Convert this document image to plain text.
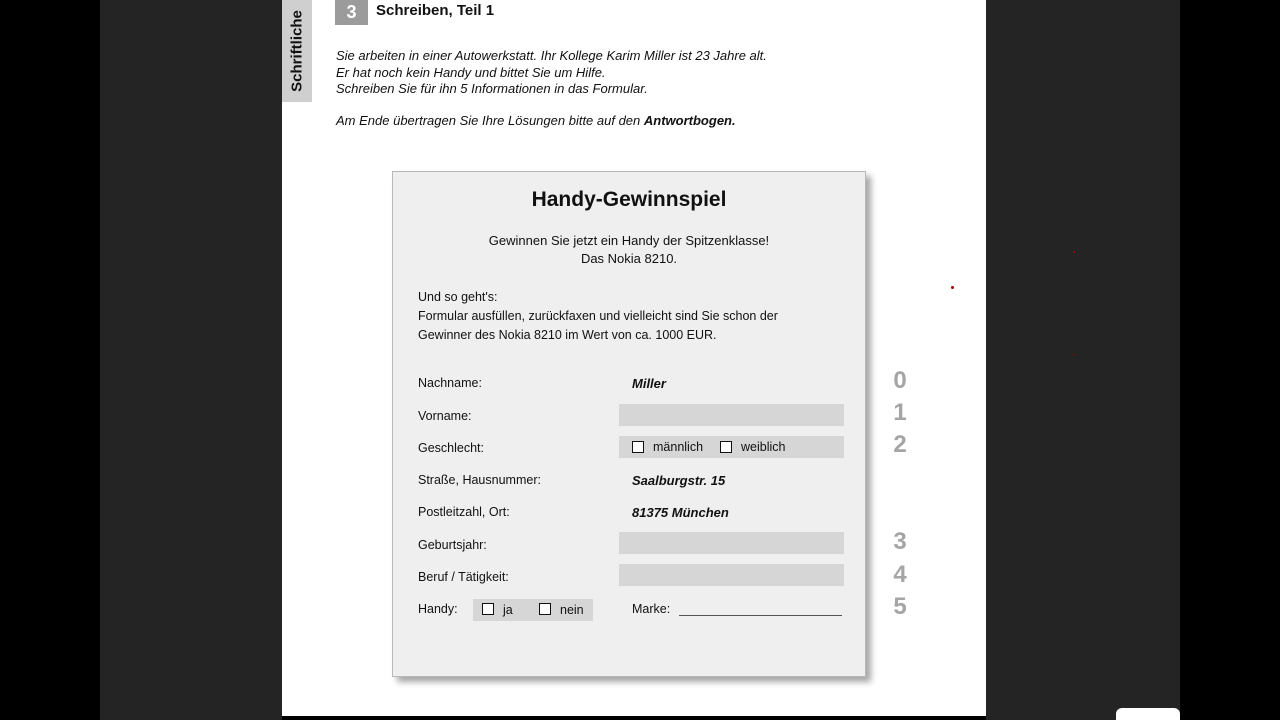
Schriftliche	3	Schreiben, Teil 1

Sie arbeiten in einer Autowerkstatt. Ihr Kollege Karim Miller ist 23 Jahre alt.

Er hat noch kein Handy und bittet Sie um Hilfe.

Schreiben Sie für ihn 5 Informationen in das Formular.

Am Ende übertragen Sie Ihre Lösungen bitte auf den Antwortbogen.
Handy-Gewinnspiel
Gewinnen Sie jetzt ein Handy der Spitzenklasse!
Das Nokia 8210.
Und so geht's:
Formular ausfüllen, zurückfaxen und vielleicht sind Sie schon der
Gewinner des Nokia 8210 im Wert von ca. 1000 EUR.
Nachname:	Miller
Vorname:
Geschlecht:	männlich	weiblich
Straße, Hausnummer:	Saalburgstr. 15
Postleitzahl, Ort:	81375 München
Geburtsjahr:
Beruf / Tätigkeit:
Handy:	ja	nein	Marke:
0
1
2
3
4
5
